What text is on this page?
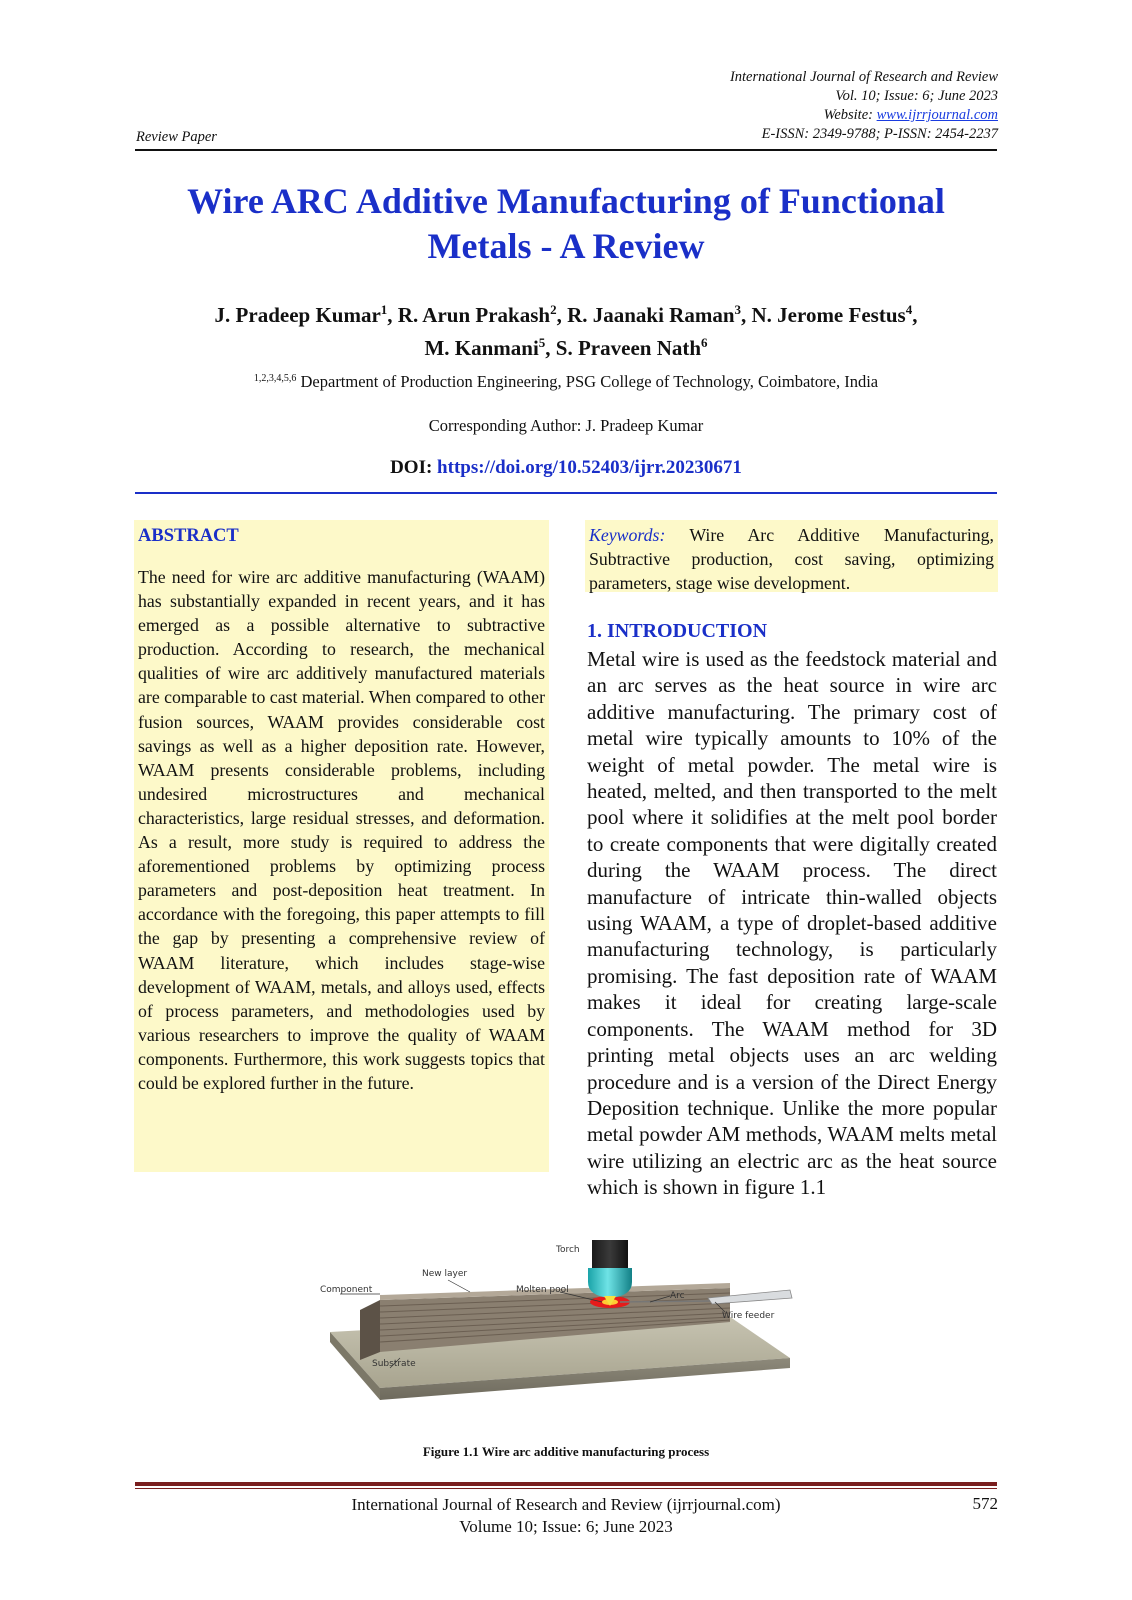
International Journal of Research and Review
Vol. 10; Issue: 6; June 2023
Website: www.ijrrjournal.com
E-ISSN: 2349-9788; P-ISSN: 2454-2237
Review Paper
Wire ARC Additive Manufacturing of Functional
Metals - A Review
J. Pradeep Kumar$^1$, R. Arun Prakash$^2$, R. Jaanaki Raman$^3$, N. Jerome Festus$^4$,
M. Kanmani$^5$, S. Praveen Nath$^6$
$^{1,2,3,4,5,6}$ Department of Production Engineering, PSG College of Technology, Coimbatore, India
Corresponding Author: J. Pradeep Kumar
DOI: https://doi.org/10.52403/ijrr.20230671
ABSTRACT
The need for wire arc additive manufacturing (WAAM) has substantially expanded in recent years, and it has emerged as a possible alternative to subtractive production. According to research, the mechanical qualities of wire arc additively manufactured materials are comparable to cast material. When compared to other fusion sources, WAAM provides considerable cost savings as well as a higher deposition rate. However, WAAM presents considerable problems, including undesired microstructures and mechanical characteristics, large residual stresses, and deformation. As a result, more study is required to address the aforementioned problems by optimizing process parameters and post-deposition heat treatment. In accordance with the foregoing, this paper attempts to fill the gap by presenting a comprehensive review of WAAM literature, which includes stage-wise development of WAAM, metals, and alloys used, effects of process parameters, and methodologies used by various researchers to improve the quality of WAAM components. Furthermore, this work suggests topics that could be explored further in the future.
Keywords: Wire Arc Additive Manufacturing, Subtractive production, cost saving, optimizing parameters, stage wise development.
1. INTRODUCTION
Metal wire is used as the feedstock material and an arc serves as the heat source in wire arc additive manufacturing. The primary cost of metal wire typically amounts to 10% of the weight of metal powder. The metal wire is heated, melted, and then transported to the melt pool where it solidifies at the melt pool border to create components that were digitally created during the WAAM process. The direct manufacture of intricate thin-walled objects using WAAM, a type of droplet-based additive manufacturing technology, is particularly promising. The fast deposition rate of WAAM makes it ideal for creating large-scale components. The WAAM method for 3D printing metal objects uses an arc welding procedure and is a version of the Direct Energy Deposition technique. Unlike the more popular metal powder AM methods, WAAM melts metal wire utilizing an electric arc as the heat source which is shown in figure 1.1
Torch
New layer
Component	Molten pool
Arc
Wire feeder
Substrate
Figure 1.1 Wire arc additive manufacturing process
International Journal of Research and Review (ijrrjournal.com)
Volume 10; Issue: 6; June 2023
572
